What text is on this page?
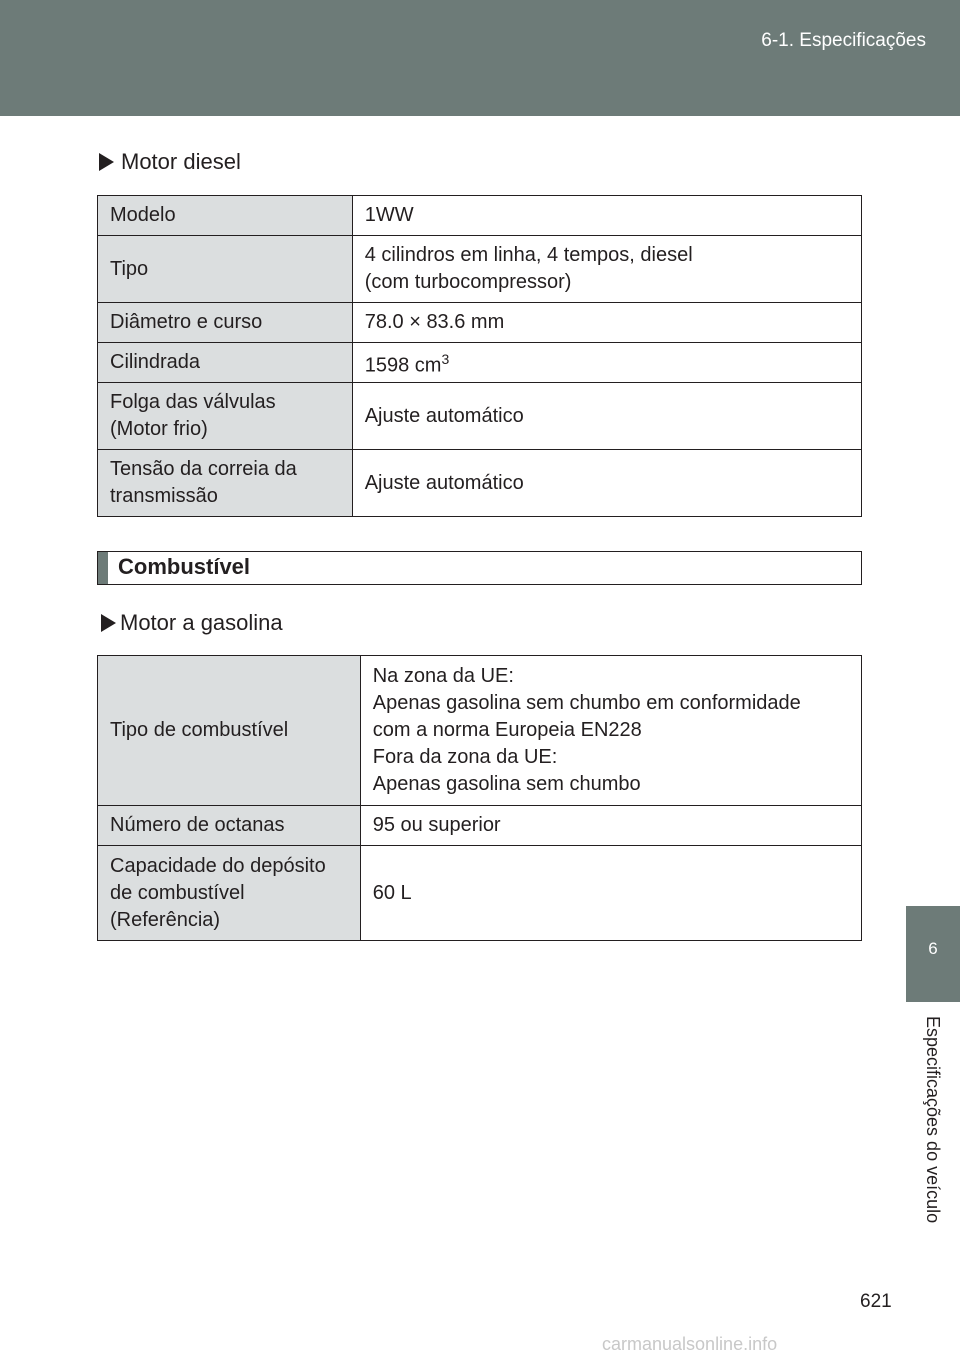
6-1. Especificações
6
Especificações do veículo
Motor diesel
Modelo	1WW
Tipo	4 cilindros em linha, 4 tempos, diesel
(com turbocompressor)

Diâmetro e curso	78.0 × 83.6 mm
Cilindrada	1598 $cm^3$

Folga das válvulas
(Motor frio)	Ajuste automático

Tensão da correia da
transmissão	Ajuste automático
Combustível
Motor a gasolina
Tipo de combustível	Na zona da UE:
Apenas gasolina sem chumbo em conformidade
com a norma Europeia EN228
Fora da zona da UE:
Apenas gasolina sem chumbo

Número de octanas	95 ou superior

Capacidade do depósito
de combustível
(Referência)	60 L
621
carmanualsonline.info
